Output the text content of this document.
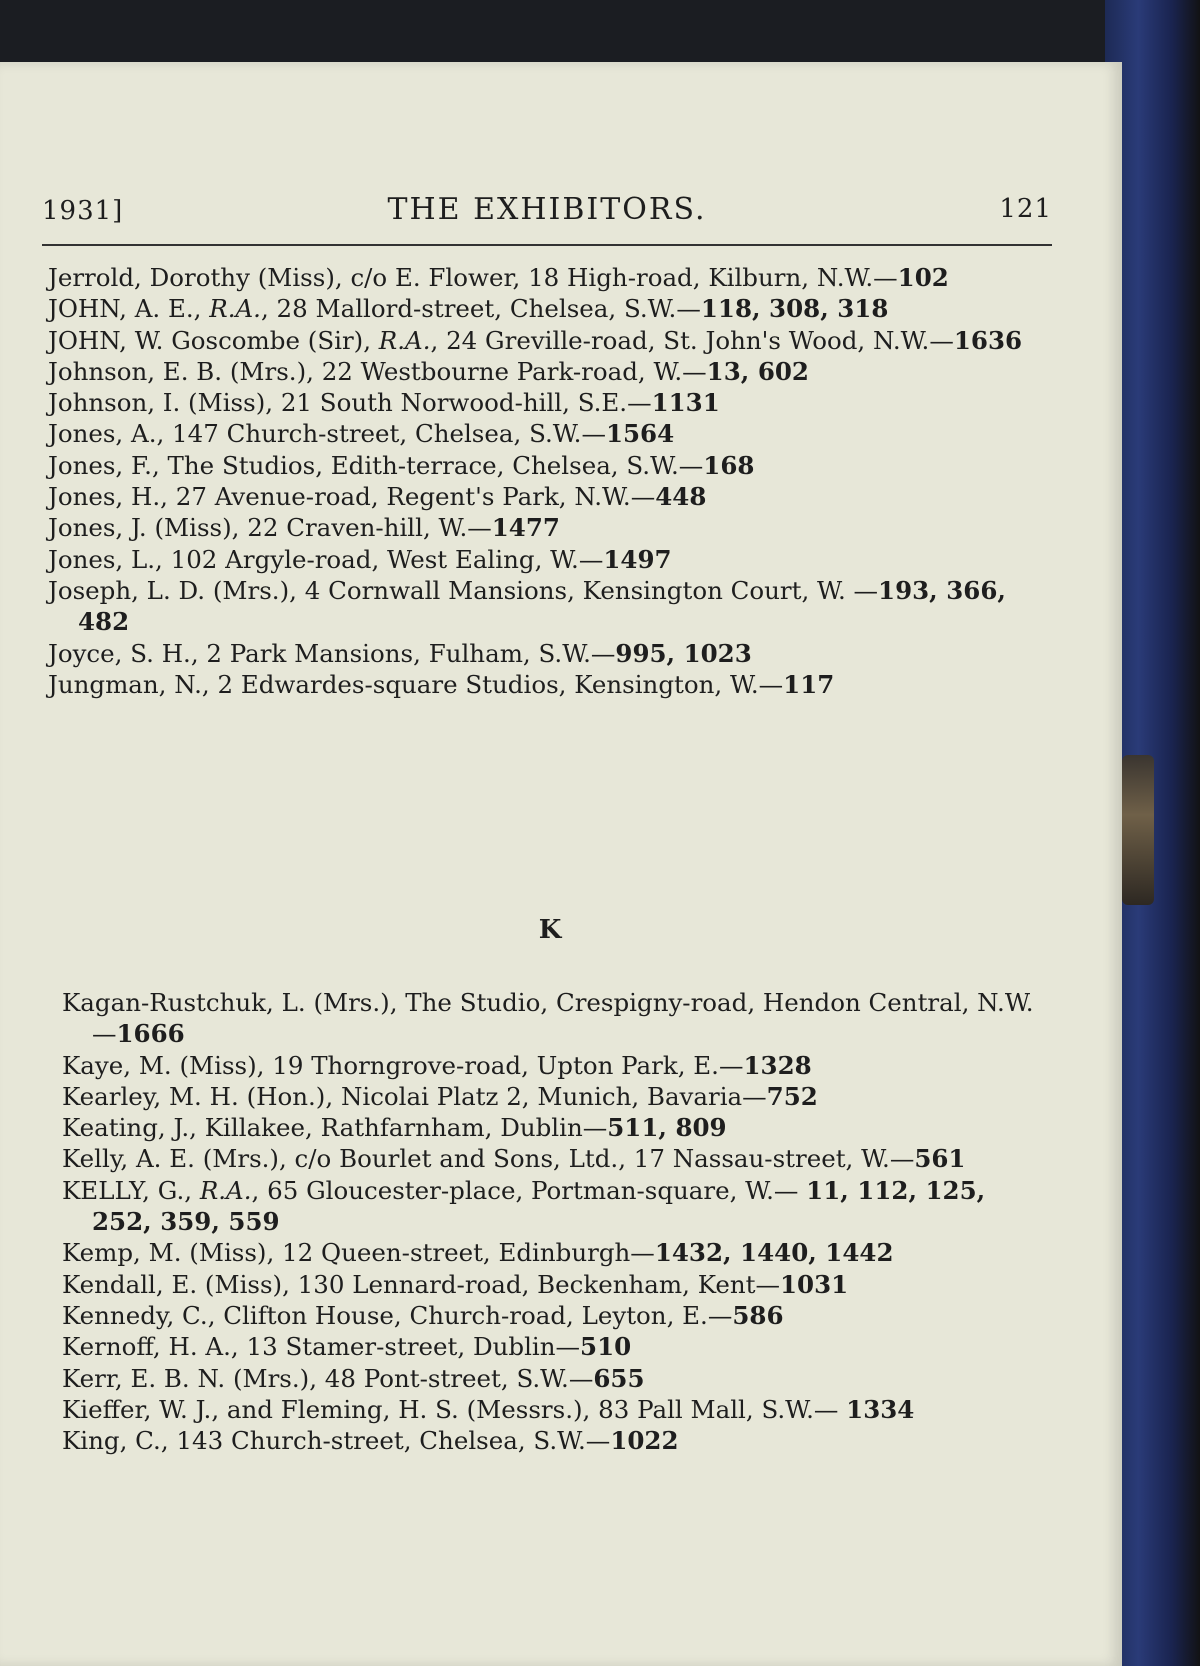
1931]	THE EXHIBITORS.	121
Jerrold, Dorothy (Miss), c/o E. Flower, 18 High-road, Kilburn, N.W.—102
JOHN, A. E., R.A., 28 Mallord-street, Chelsea, S.W.—118, 308, 318
JOHN, W. Goscombe (Sir), R.A., 24 Greville-road, St. John's Wood, N.W.—1636
Johnson, E. B. (Mrs.), 22 Westbourne Park-road, W.—13, 602
Johnson, I. (Miss), 21 South Norwood-hill, S.E.—1131
Jones, A., 147 Church-street, Chelsea, S.W.—1564
Jones, F., The Studios, Edith-terrace, Chelsea, S.W.—168
Jones, H., 27 Avenue-road, Regent's Park, N.W.—448
Jones, J. (Miss), 22 Craven-hill, W.—1477
Jones, L., 102 Argyle-road, West Ealing, W.—1497
Joseph, L. D. (Mrs.), 4 Cornwall Mansions, Kensington Court, W. —193, 366, 482
Joyce, S. H., 2 Park Mansions, Fulham, S.W.—995, 1023
Jungman, N., 2 Edwardes-square Studios, Kensington, W.—117
K
Kagan-Rustchuk, L. (Mrs.), The Studio, Crespigny-road, Hendon Central, N.W.—1666
Kaye, M. (Miss), 19 Thorngrove-road, Upton Park, E.—1328
Kearley, M. H. (Hon.), Nicolai Platz 2, Munich, Bavaria—752
Keating, J., Killakee, Rathfarnham, Dublin—511, 809
Kelly, A. E. (Mrs.), c/o Bourlet and Sons, Ltd., 17 Nassau-street, W.—561
KELLY, G., R.A., 65 Gloucester-place, Portman-square, W.— 11, 112, 125, 252, 359, 559
Kemp, M. (Miss), 12 Queen-street, Edinburgh—1432, 1440, 1442
Kendall, E. (Miss), 130 Lennard-road, Beckenham, Kent—1031
Kennedy, C., Clifton House, Church-road, Leyton, E.—586
Kernoff, H. A., 13 Stamer-street, Dublin—510
Kerr, E. B. N. (Mrs.), 48 Pont-street, S.W.—655
Kieffer, W. J., and Fleming, H. S. (Messrs.), 83 Pall Mall, S.W.— 1334
King, C., 143 Church-street, Chelsea, S.W.—1022
